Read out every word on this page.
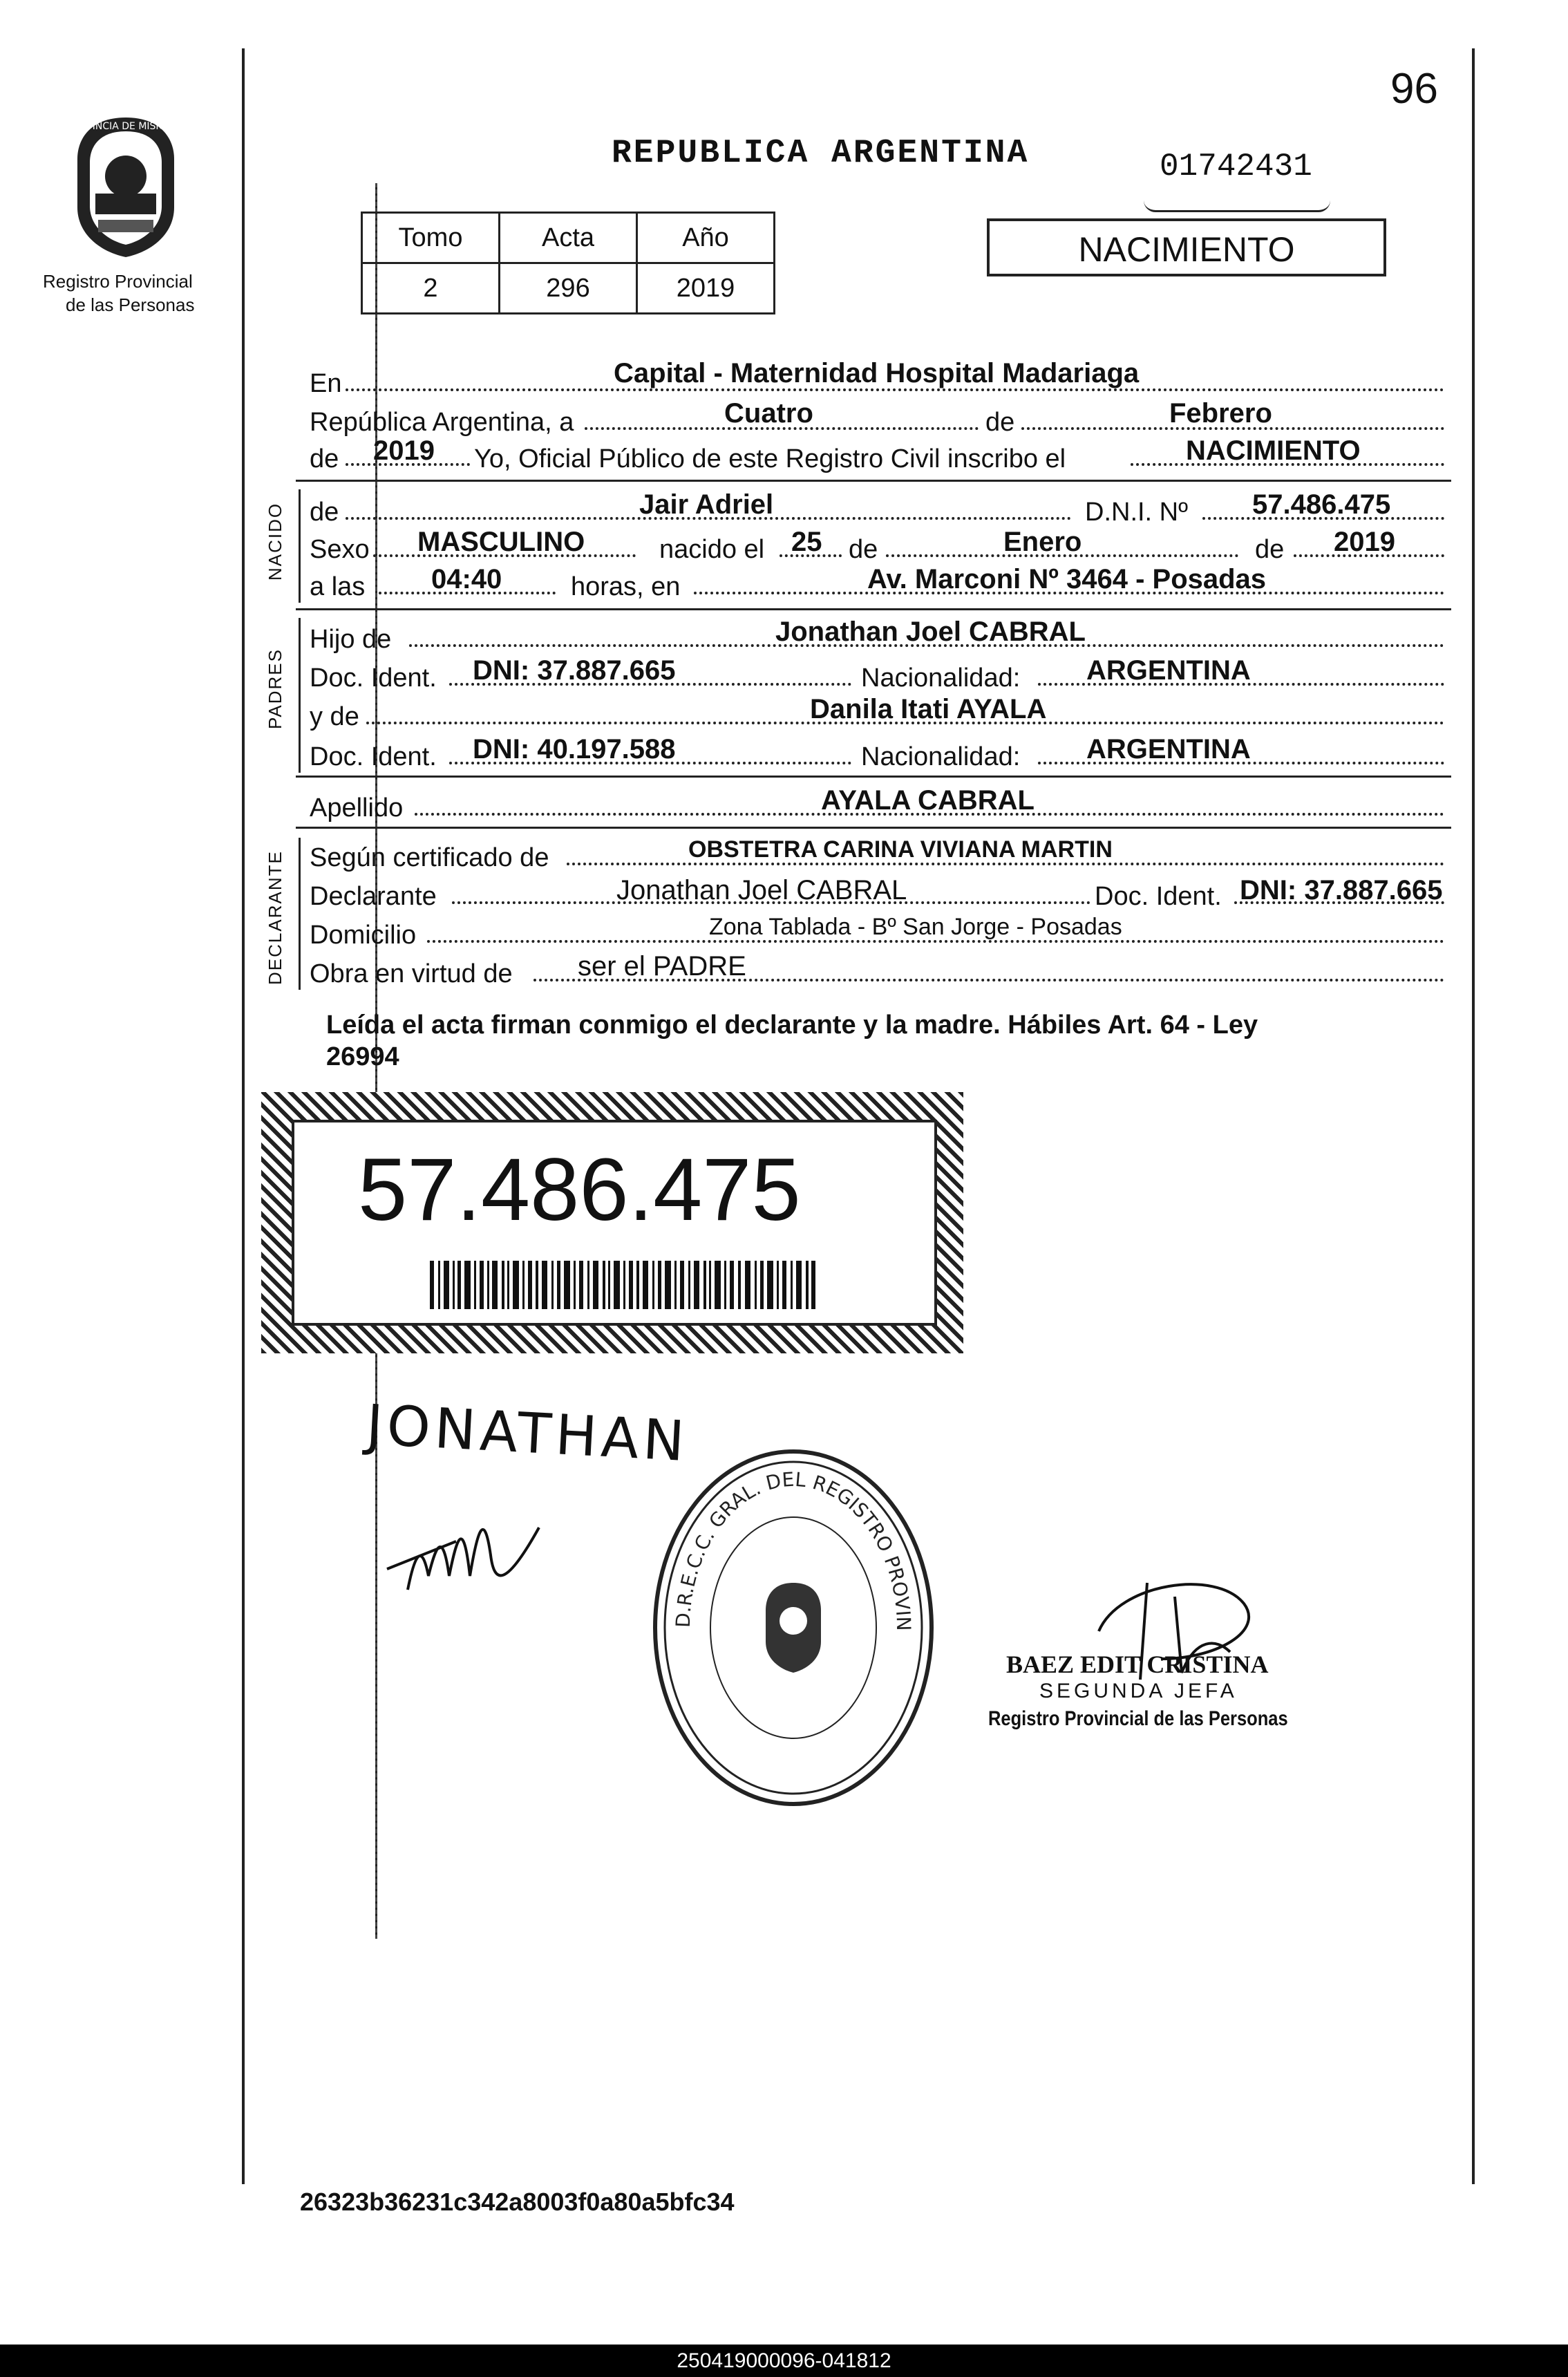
96
PROVINCIA DE MISIONES
Registro Provincial
de las Personas
REPUBLICA ARGENTINA	01742431
NACIMIENTO
Tomo	Acta	Año
2	296	2019
En	Capital - Maternidad Hospital Madariaga
República Argentina, a	Cuatro	de	Febrero
de 2019 Yo, Oficial Público de este Registro Civil inscribo el	NACIMIENTO
NACIDO de	Jair Adriel	D.N.I. Nº 57.486.475
Sexo MASCULINO	nacido el 25 de	Enero	de 2019
a las 04:40	horas, en	Av. Marconi Nº 3464 - Posadas
PADRES
Hijo de	Jonathan Joel CABRAL
Doc. Ident. DNI: 37.887.665	Nacionalidad: ARGENTINA
y de	Danila Itati AYALA
Doc. Ident. DNI: 40.197.588	Nacionalidad: ARGENTINA
Apellido	AYALA CABRAL
DECLARANTE Según certificado de	OBSTETRA CARINA VIVIANA MARTIN
Declarante	Jonathan Joel CABRAL	Doc. Ident. DNI: 37.887.665
Domicilio	Zona Tablada - Bº San Jorge - Posadas
Obra en virtud de ser el PADRE
Leída el acta firman conmigo el declarante y la madre. Hábiles Art. 64 - Ley
26994
57.486.475
JONATHAN
D.R.E.C.C. GRAL. DEL REGISTRO PROVIN
BAEZ EDIT CRISTINA
SEGUNDA JEFA
Registro Provincial de las Personas
26323b36231c342a8003f0a80a5bfc34
250419000096-041812
